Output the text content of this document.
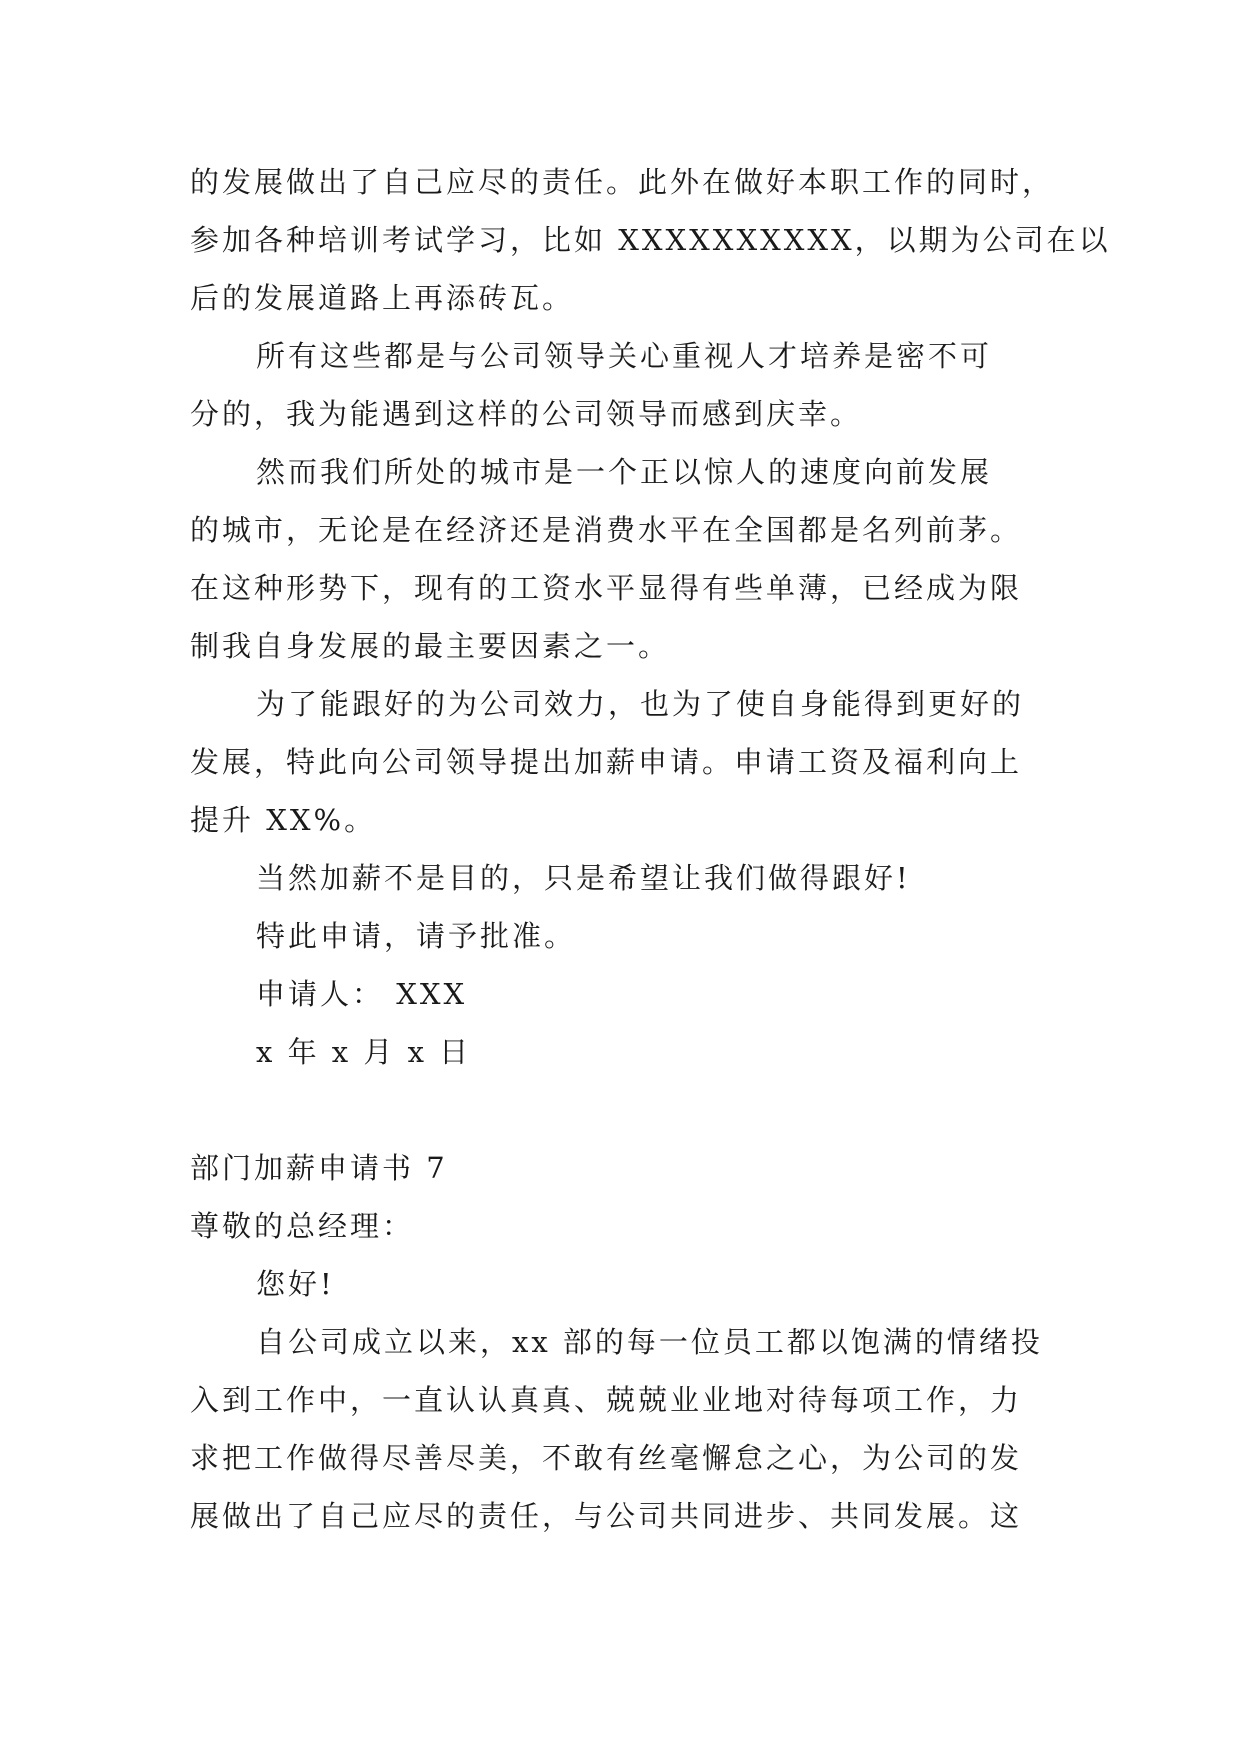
的发展做出了自己应尽的责任。此外在做好本职工作的同时，
参加各种培训考试学习，比如 XXXXXXXXXX，以期为公司在以
后的发展道路上再添砖瓦。
所有这些都是与公司领导关心重视人才培养是密不可
分的，我为能遇到这样的公司领导而感到庆幸。
然而我们所处的城市是一个正以惊人的速度向前发展
的城市，无论是在经济还是消费水平在全国都是名列前茅。
在这种形势下，现有的工资水平显得有些单薄，已经成为限
制我自身发展的最主要因素之一。
为了能跟好的为公司效力，也为了使自身能得到更好的
发展，特此向公司领导提出加薪申请。申请工资及福利向上
提升 XX%。
当然加薪不是目的，只是希望让我们做得跟好!
特此申请，请予批准。
申请人： XXX
x 年 x 月 x 日
部门加薪申请书 7
尊敬的总经理：
您好!
自公司成立以来，xx 部的每一位员工都以饱满的情绪投
入到工作中，一直认认真真、兢兢业业地对待每项工作，力
求把工作做得尽善尽美，不敢有丝毫懈怠之心，为公司的发
展做出了自己应尽的责任，与公司共同进步、共同发展。这
